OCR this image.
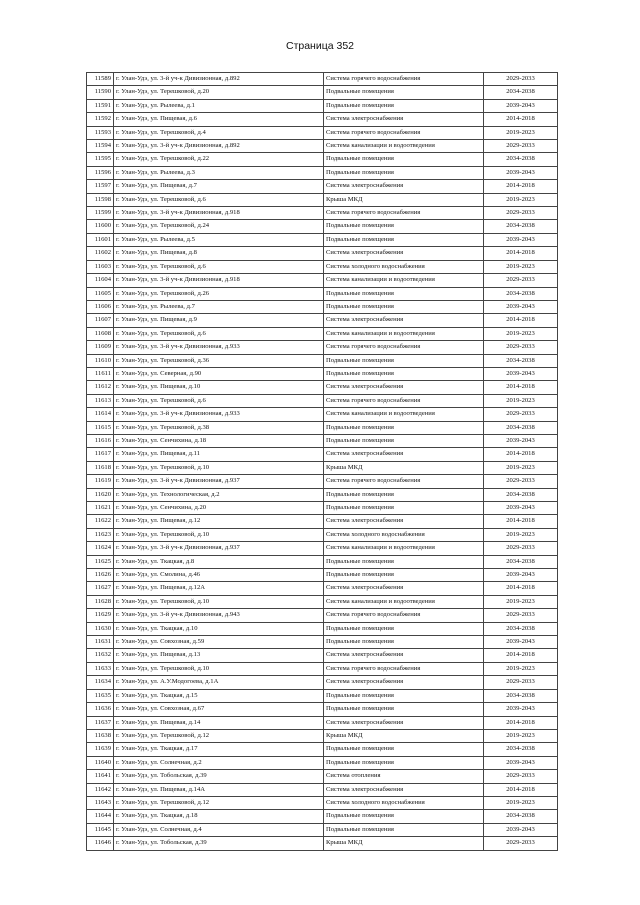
Страница 352
11589	г. Улан-Удэ, ул. 3-й уч-к Дивизионная, д.892	Система горячего водоснабжения	2029-2033
11590	г. Улан-Удэ, ул. Терешковой, д.20	Подвальные помещения	2034-2038
11591	г. Улан-Удэ, ул. Рылеева, д.1	Подвальные помещения	2039-2043
11592	г. Улан-Удэ, ул. Пищевая, д.6	Система электроснабжения	2014-2018
11593	г. Улан-Удэ, ул. Терешковой, д.4	Система горячего водоснабжения	2019-2023
11594	г. Улан-Удэ, ул. 3-й уч-к Дивизионная, д.892	Система канализации и водоотведения	2029-2033
11595	г. Улан-Удэ, ул. Терешковой, д.22	Подвальные помещения	2034-2038
11596	г. Улан-Удэ, ул. Рылеева, д.3	Подвальные помещения	2039-2043
11597	г. Улан-Удэ, ул. Пищевая, д.7	Система электроснабжения	2014-2018
11598	г. Улан-Удэ, ул. Терешковой, д.6	Крыша МКД	2019-2023
11599	г. Улан-Удэ, ул. 3-й уч-к Дивизионная, д.918	Система горячего водоснабжения	2029-2033
11600	г. Улан-Удэ, ул. Терешковой, д.24	Подвальные помещения	2034-2038
11601	г. Улан-Удэ, ул. Рылеева, д.5	Подвальные помещения	2039-2043
11602	г. Улан-Удэ, ул. Пищевая, д.8	Система электроснабжения	2014-2018
11603	г. Улан-Удэ, ул. Терешковой, д.6	Система холодного водоснабжения	2019-2023
11604	г. Улан-Удэ, ул. 3-й уч-к Дивизионная, д.918	Система канализации и водоотведения	2029-2033
11605	г. Улан-Удэ, ул. Терешковой, д.26	Подвальные помещения	2034-2038
11606	г. Улан-Удэ, ул. Рылеева, д.7	Подвальные помещения	2039-2043
11607	г. Улан-Удэ, ул. Пищевая, д.9	Система электроснабжения	2014-2018
11608	г. Улан-Удэ, ул. Терешковой, д.6	Система канализации и водоотведения	2019-2023
11609	г. Улан-Удэ, ул. 3-й уч-к Дивизионная, д.933	Система горячего водоснабжения	2029-2033
11610	г. Улан-Удэ, ул. Терешковой, д.36	Подвальные помещения	2034-2038
11611	г. Улан-Удэ, ул. Северная, д.90	Подвальные помещения	2039-2043
11612	г. Улан-Удэ, ул. Пищевая, д.10	Система электроснабжения	2014-2018
11613	г. Улан-Удэ, ул. Терешковой, д.6	Система горячего водоснабжения	2019-2023
11614	г. Улан-Удэ, ул. 3-й уч-к Дивизионная, д.933	Система канализации и водоотведения	2029-2033
11615	г. Улан-Удэ, ул. Терешковой, д.38	Подвальные помещения	2034-2038
11616	г. Улан-Удэ, ул. Сенчихина, д.18	Подвальные помещения	2039-2043
11617	г. Улан-Удэ, ул. Пищевая, д.11	Система электроснабжения	2014-2018
11618	г. Улан-Удэ, ул. Терешковой, д.10	Крыша МКД	2019-2023
11619	г. Улан-Удэ, ул. 3-й уч-к Дивизионная, д.937	Система горячего водоснабжения	2029-2033
11620	г. Улан-Удэ, ул. Технологическая, д.2	Подвальные помещения	2034-2038
11621	г. Улан-Удэ, ул. Сенчихина, д.20	Подвальные помещения	2039-2043
11622	г. Улан-Удэ, ул. Пищевая, д.12	Система электроснабжения	2014-2018
11623	г. Улан-Удэ, ул. Терешковой, д.10	Система холодного водоснабжения	2019-2023
11624	г. Улан-Удэ, ул. 3-й уч-к Дивизионная, д.937	Система канализации и водоотведения	2029-2033
11625	г. Улан-Удэ, ул. Ткацкая, д.8	Подвальные помещения	2034-2038
11626	г. Улан-Удэ, ул. Смолина, д.46	Подвальные помещения	2039-2043
11627	г. Улан-Удэ, ул. Пищевая, д.12А	Система электроснабжения	2014-2018
11628	г. Улан-Удэ, ул. Терешковой, д.10	Система канализации и водоотведения	2019-2023
11629	г. Улан-Удэ, ул. 3-й уч-к Дивизионная, д.943	Система горячего водоснабжения	2029-2033
11630	г. Улан-Удэ, ул. Ткацкая, д.10	Подвальные помещения	2034-2038
11631	г. Улан-Удэ, ул. Совхозная, д.59	Подвальные помещения	2039-2043
11632	г. Улан-Удэ, ул. Пищевая, д.13	Система электроснабжения	2014-2018
11633	г. Улан-Удэ, ул. Терешковой, д.10	Система горячего водоснабжения	2019-2023
11634	г. Улан-Удэ, ул. А.У.Модогоева, д.1А	Система электроснабжения	2029-2033
11635	г. Улан-Удэ, ул. Ткацкая, д.15	Подвальные помещения	2034-2038
11636	г. Улан-Удэ, ул. Совхозная, д.67	Подвальные помещения	2039-2043
11637	г. Улан-Удэ, ул. Пищевая, д.14	Система электроснабжения	2014-2018
11638	г. Улан-Удэ, ул. Терешковой, д.12	Крыша МКД	2019-2023
11639	г. Улан-Удэ, ул. Ткацкая, д.17	Подвальные помещения	2034-2038
11640	г. Улан-Удэ, ул. Солнечная, д.2	Подвальные помещения	2039-2043
11641	г. Улан-Удэ, ул. Тобольская, д.39	Система отопления	2029-2033
11642	г. Улан-Удэ, ул. Пищевая, д.14А	Система электроснабжения	2014-2018
11643	г. Улан-Удэ, ул. Терешковой, д.12	Система холодного водоснабжения	2019-2023
11644	г. Улан-Удэ, ул. Ткацкая, д.18	Подвальные помещения	2034-2038
11645	г. Улан-Удэ, ул. Солнечная, д.4	Подвальные помещения	2039-2043
11646	г. Улан-Удэ, ул. Тобольская, д.39	Крыша МКД	2029-2033
